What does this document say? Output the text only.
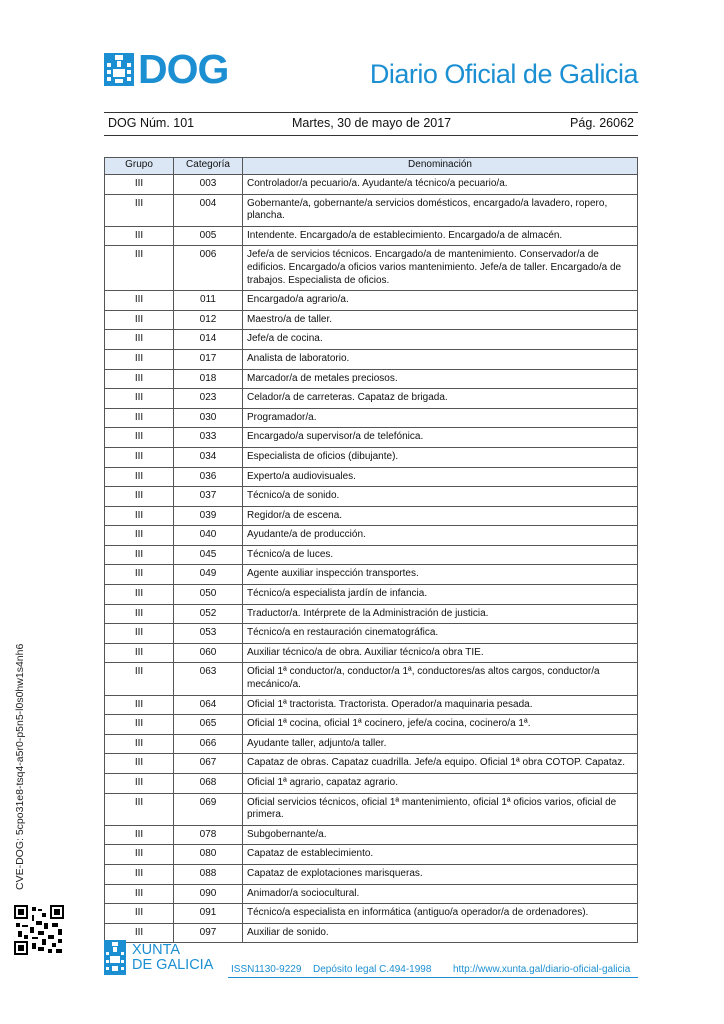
DOG	Diario Oficial de Galicia
DOG Núm. 101	Martes, 30 de mayo de 2017	Pág. 26062
Grupo	Categoría	Denominación
III	003	Controlador/a pecuario/a. Ayudante/a técnico/a pecuario/a.
III	004	Gobernante/a, gobernante/a servicios domésticos, encargado/a lavadero, ropero, plancha.
III	005	Intendente. Encargado/a de establecimiento. Encargado/a de almacén.
III	006	Jefe/a de servicios técnicos. Encargado/a de mantenimiento. Conservador/a de edificios. Encargado/a oficios varios mantenimiento. Jefe/a de taller. Encargado/a de trabajos. Especialista de oficios.
III	011	Encargado/a agrario/a.
III	012	Maestro/a de taller.
III	014	Jefe/a de cocina.
III	017	Analista de laboratorio.
III	018	Marcador/a de metales preciosos.
III	023	Celador/a de carreteras. Capataz de brigada.
III	030	Programador/a.
III	033	Encargado/a supervisor/a de telefónica.
III	034	Especialista de oficios (dibujante).
III	036	Experto/a audiovisuales.
III	037	Técnico/a de sonido.
III	039	Regidor/a de escena.
III	040	Ayudante/a de producción.
III	045	Técnico/a de luces.
III	049	Agente auxiliar inspección transportes.
III	050	Técnico/a especialista jardín de infancia.
III	052	Traductor/a. Intérprete de la Administración de justicia.
III	053	Técnico/a en restauración cinematográfica.
III	060	Auxiliar técnico/a de obra. Auxiliar técnico/a obra TIE.
III	063	Oficial 1ª conductor/a, conductor/a 1ª, conductores/as altos cargos, conductor/a mecánico/a.
III	064	Oficial 1ª tractorista. Tractorista. Operador/a maquinaria pesada.
III	065	Oficial 1ª cocina, oficial 1ª cocinero, jefe/a cocina, cocinero/a 1ª.
III	066	Ayudante taller, adjunto/a taller.
III	067	Capataz de obras. Capataz cuadrilla. Jefe/a equipo. Oficial 1ª obra COTOP. Capataz.
III	068	Oficial 1ª agrario, capataz agrario.
III	069	Oficial servicios técnicos, oficial 1ª mantenimiento, oficial 1ª oficios varios, oficial de primera.
III	078	Subgobernante/a.
III	080	Capataz de establecimiento.
III	088	Capataz de explotaciones marisqueras.
III	090	Animador/a sociocultural.
III	091	Técnico/a especialista en informática (antiguo/a operador/a de ordenadores).
III	097	Auxiliar de sonido.
CVE-DOG: 5cpo31e8-tsq4-a5r0-p5n5-l0s0hw1s4nh6
XUNTA
DE GALICIA ISSN1130-9229 Depósito legal C.494-1998 http://www.xunta.gal/diario-oficial-galicia
